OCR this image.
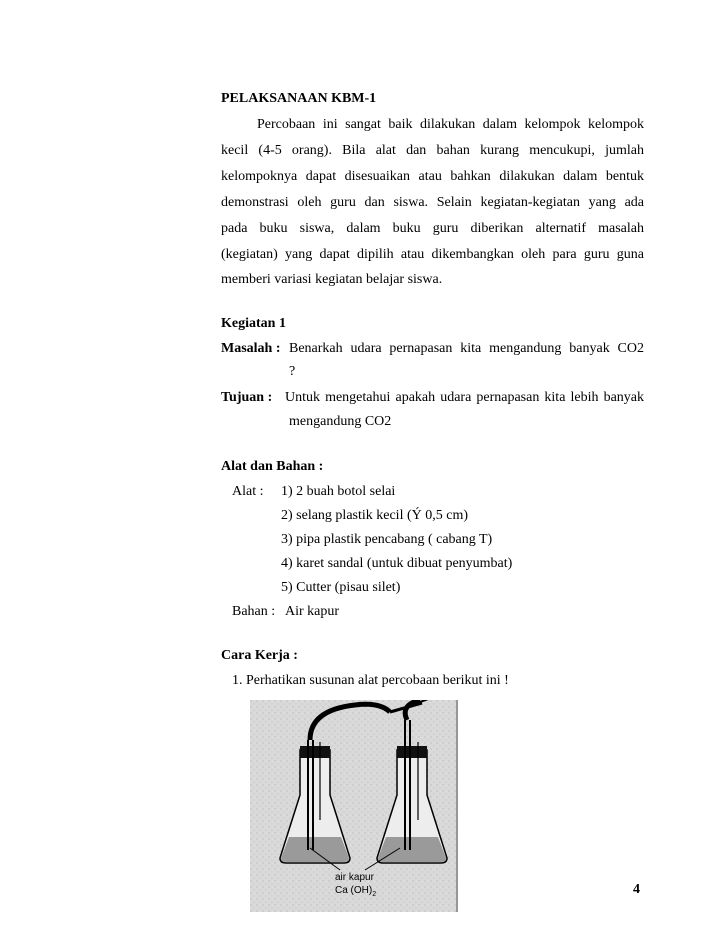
PELAKSANAAN KBM-1
Percobaan ini sangat baik dilakukan dalam kelompok kelompok
kecil (4-5 orang). Bila alat dan bahan kurang mencukupi, jumlah
kelompoknya dapat disesuaikan atau bahkan dilakukan dalam bentuk
demonstrasi oleh guru dan siswa. Selain kegiatan-kegiatan yang ada
pada buku siswa, dalam buku guru diberikan alternatif masalah
(kegiatan) yang dapat dipilih atau dikembangkan oleh para guru guna
memberi variasi kegiatan belajar siswa.
Kegiatan 1
Masalah : Benarkah udara pernapasan kita mengandung banyak CO2
?
Tujuan : Untuk mengetahui apakah udara pernapasan kita lebih banyak
mengandung CO2
Alat dan Bahan :
Alat : 1) 2 buah botol selai
2) selang plastik kecil (Ý 0,5 cm)
3) pipa plastik pencabang ( cabang T)
4) karet sandal (untuk dibuat penyumbat)
5) Cutter (pisau silet)
Bahan : Air kapur
Cara Kerja :
1. Perhatikan susunan alat percobaan berikut ini !
air kapur
Ca $(OH)_2$	4
